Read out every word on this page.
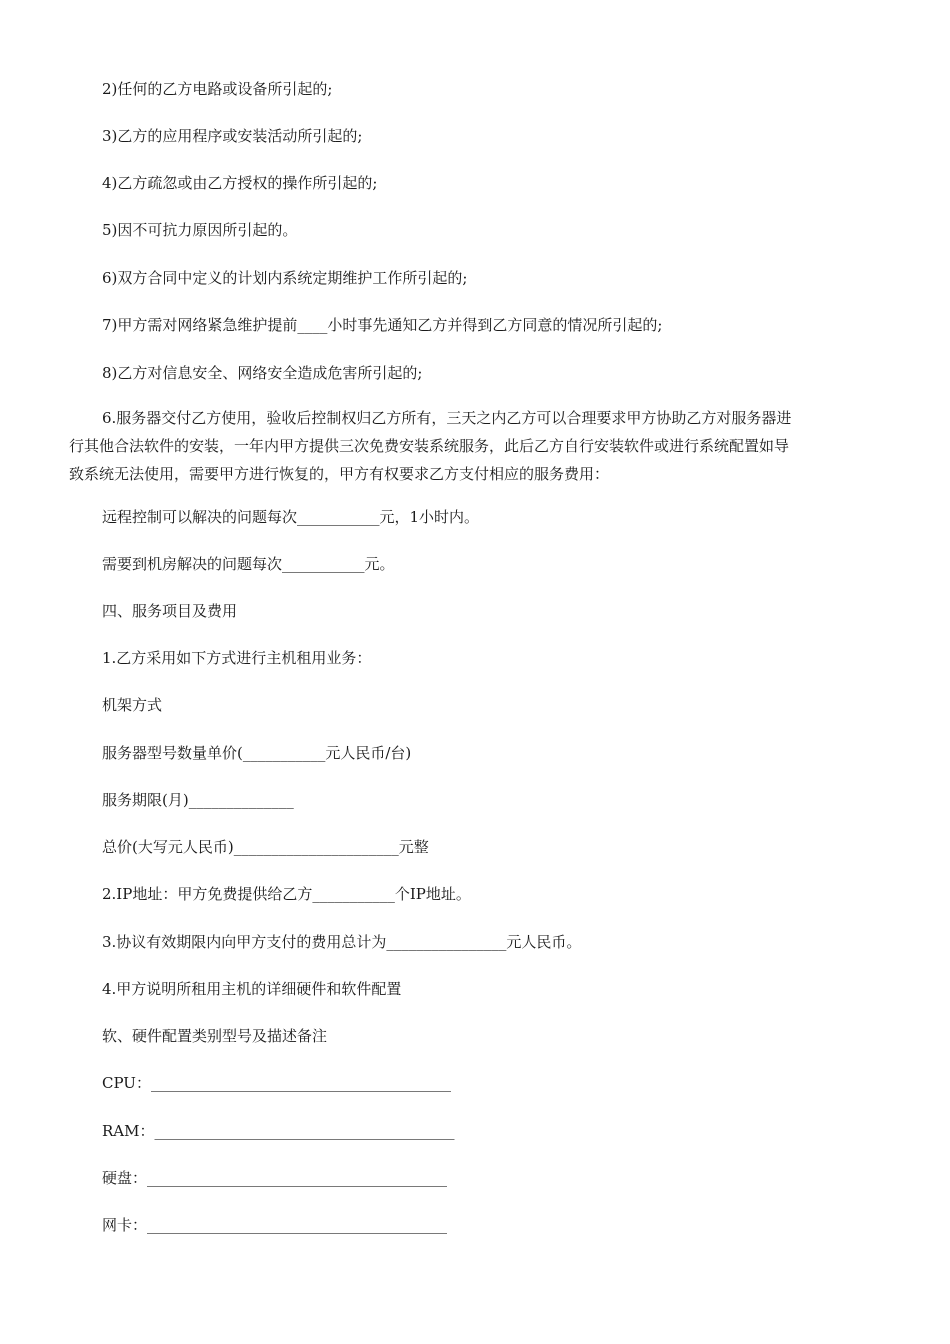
2)任何的乙方电路或设备所引起的;
3)乙方的应用程序或安装活动所引起的;
4)乙方疏忽或由乙方授权的操作所引起的;
5)因不可抗力原因所引起的。
6)双方合同中定义的计划内系统定期维护工作所引起的;
7)甲方需对网络紧急维护提前____小时事先通知乙方并得到乙方同意的情况所引起的;
8)乙方对信息安全、网络安全造成危害所引起的;
6.服务器交付乙方使用，验收后控制权归乙方所有，三天之内乙方可以合理要求甲方协助乙方对服务器进
行其他合法软件的安装，一年内甲方提供三次免费安装系统服务，此后乙方自行安装软件或进行系统配置如导
致系统无法使用，需要甲方进行恢复的，甲方有权要求乙方支付相应的服务费用：
远程控制可以解决的问题每次___________元，1小时内。
需要到机房解决的问题每次___________元。
四、服务项目及费用
1.乙方采用如下方式进行主机租用业务：
机架方式
服务器型号数量单价(___________元人民币/台)
服务期限(月)______________
总价(大写元人民币)______________________元整
2.IP地址：甲方免费提供给乙方___________个IP地址。
3.协议有效期限内向甲方支付的费用总计为________________元人民币。
4.甲方说明所租用主机的详细硬件和软件配置
软、硬件配置类别型号及描述备注
CPU：________________________________________
RAM：________________________________________
硬盘：________________________________________
网卡：________________________________________
